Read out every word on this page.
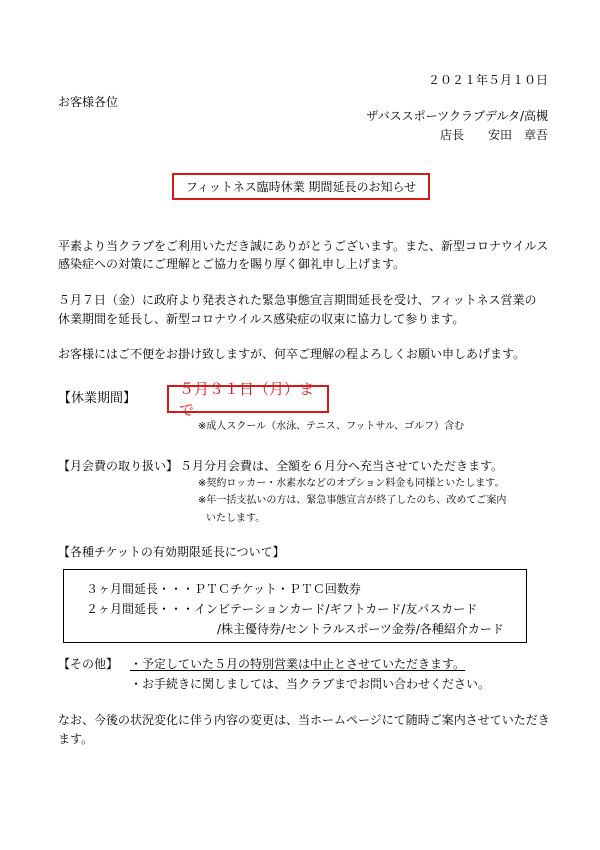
２０２１年５月１０日
お客様各位
ザバススポーツクラブデルタ/高槻
店長　　安田　章吾
フィットネス臨時休業 期間延長のお知らせ
平素より当クラブをご利用いただき誠にありがとうございます。また、新型コロナウイルス
感染症への対策にご理解とご協力を賜り厚く御礼申し上げます。
５月７日（金）に政府より発表された緊急事態宣言期間延長を受け、フィットネス営業の
休業期間を延長し、新型コロナウイルス感染症の収束に協力して参ります。
お客様にはご不便をお掛け致しますが、何卒ご理解の程よろしくお願い申しあげます。
【休業期間】
５月３１日（月）まで
※成人スクール（水泳、テニス、フットサル、ゴルフ）含む
【月会費の取り扱い】 ５月分月会費は、全額を６月分へ充当させていただきます。
※契約ロッカー・水素水などのオプション料金も同様といたします。
※年一括支払いの方は、緊急事態宣言が終了したのち、改めてご案内
いたします。
【各種チケットの有効期限延長について】
３ヶ月間延長・・・ＰＴＣチケット・ＰＴＣ回数券
２ヶ月間延長・・・インビテーションカード/ギフトカード/友パスカード
/株主優待券/セントラルスポーツ金券/各種紹介カード
【その他】 ・予定していた５月の特別営業は中止とさせていただきます。
・お手続きに関しましては、当クラブまでお問い合わせください。
なお、今後の状況変化に伴う内容の変更は、当ホームページにて随時ご案内させていただき
ます。
